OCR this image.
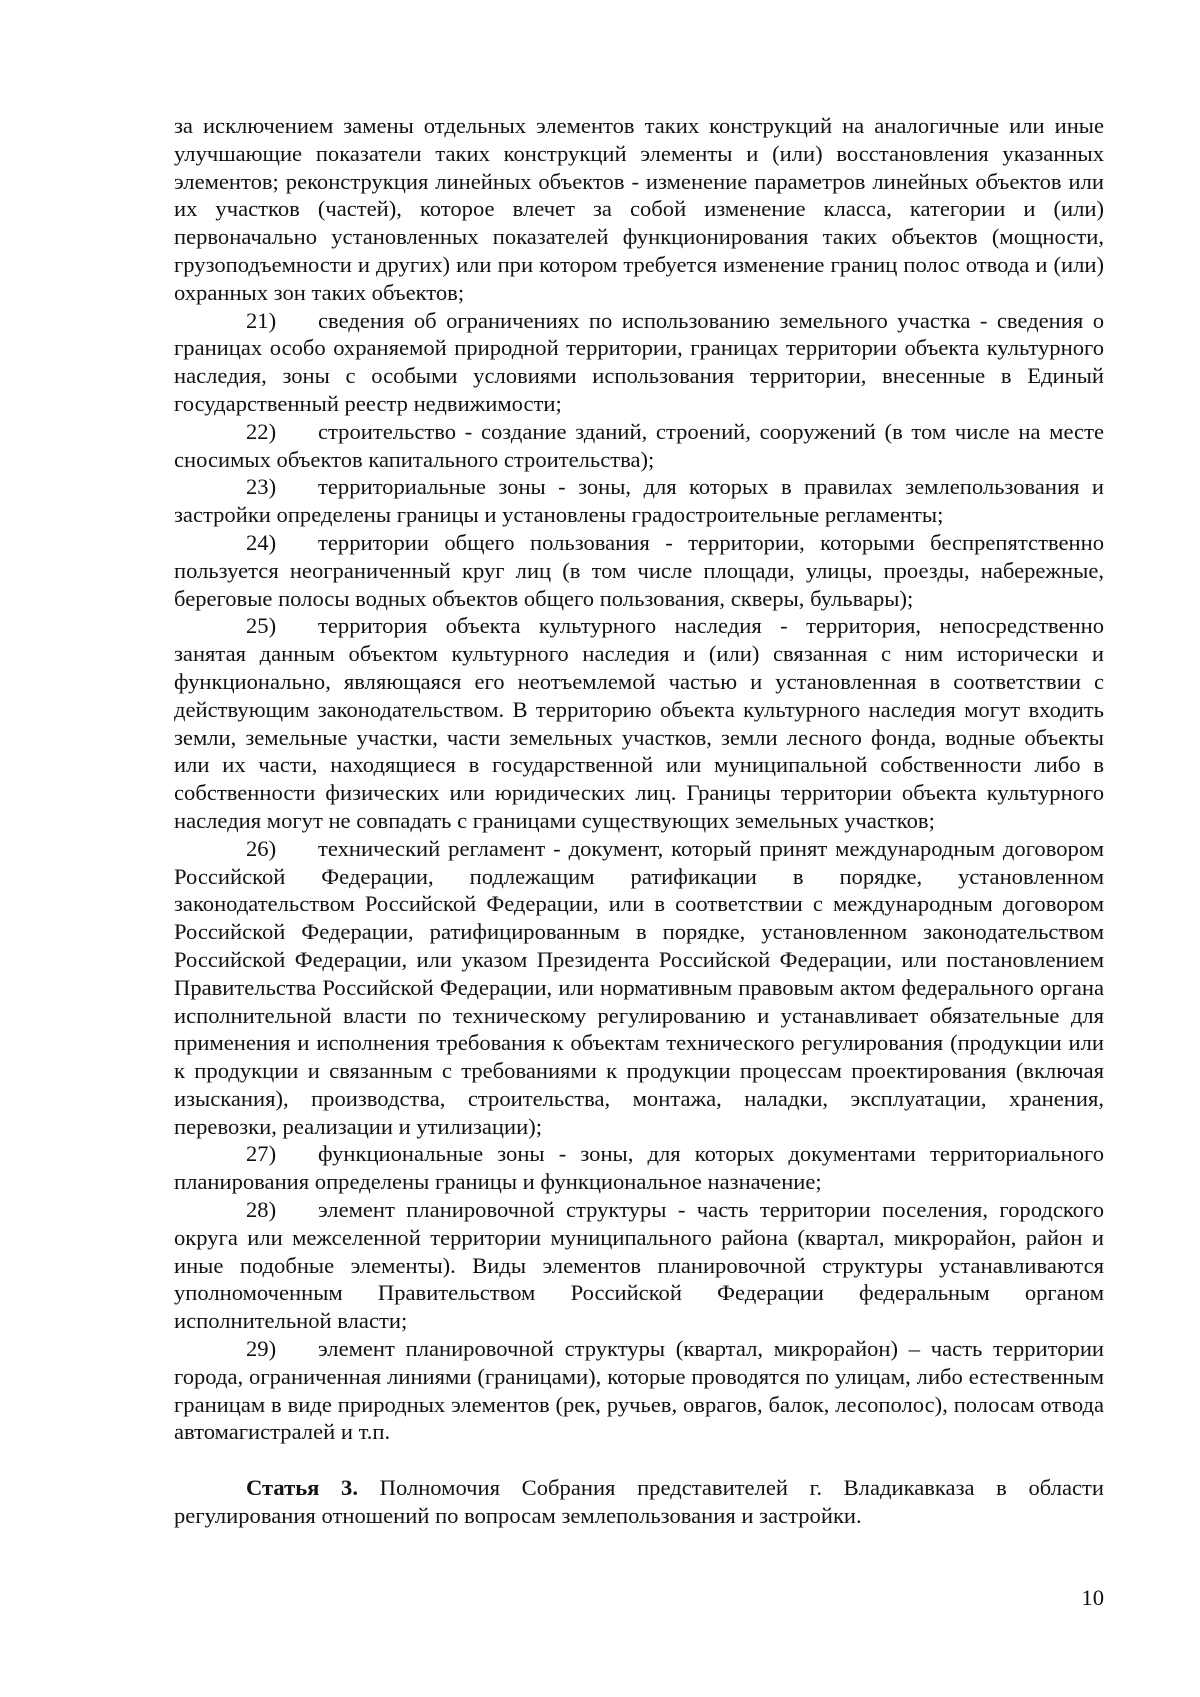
за исключением замены отдельных элементов таких конструкций на аналогичные или иные улучшающие показатели таких конструкций элементы и (или) восстановления указанных элементов; реконструкция линейных объектов - изменение параметров линейных объектов или их участков (частей), которое влечет за собой изменение класса, категории и (или) первоначально установленных показателей функционирования таких объектов (мощности, грузоподъемности и других) или при котором требуется изменение границ полос отвода и (или) охранных зон таких объектов;

21) сведения об ограничениях по использованию земельного участка - сведения о границах особо охраняемой природной территории, границах территории объекта культурного наследия, зоны с особыми условиями использования территории, внесенные в Единый государственный реестр недвижимости;

22) строительство - создание зданий, строений, сооружений (в том числе на месте сносимых объектов капитального строительства);

23) территориальные зоны - зоны, для которых в правилах землепользования и застройки определены границы и установлены градостроительные регламенты;

24) территории общего пользования - территории, которыми беспрепятственно пользуется неограниченный круг лиц (в том числе площади, улицы, проезды, набережные, береговые полосы водных объектов общего пользования, скверы, бульвары);

25) территория объекта культурного наследия - территория, непосредственно занятая данным объектом культурного наследия и (или) связанная с ним исторически и функционально, являющаяся его неотъемлемой частью и установленная в соответствии с действующим законодательством. В территорию объекта культурного наследия могут входить земли, земельные участки, части земельных участков, земли лесного фонда, водные объекты или их части, находящиеся в государственной или муниципальной собственности либо в собственности физических или юридических лиц. Границы территории объекта культурного наследия могут не совпадать с границами существующих земельных участков;

26) технический регламент - документ, который принят международным договором Российской Федерации, подлежащим ратификации в порядке, установленном законодательством Российской Федерации, или в соответствии с международным договором Российской Федерации, ратифицированным в порядке, установленном законодательством Российской Федерации, или указом Президента Российской Федерации, или постановлением Правительства Российской Федерации, или нормативным правовым актом федерального органа исполнительной власти по техническому регулированию и устанавливает обязательные для применения и исполнения требования к объектам технического регулирования (продукции или к продукции и связанным с требованиями к продукции процессам проектирования (включая изыскания), производства, строительства, монтажа, наладки, эксплуатации, хранения, перевозки, реализации и утилизации);

27) функциональные зоны - зоны, для которых документами территориального планирования определены границы и функциональное назначение;

28) элемент планировочной структуры - часть территории поселения, городского округа или межселенной территории муниципального района (квартал, микрорайон, район и иные подобные элементы). Виды элементов планировочной структуры устанавливаются уполномоченным Правительством Российской Федерации федеральным органом исполнительной власти;

29) элемент планировочной структуры (квартал, микрорайон) – часть территории города, ограниченная линиями (границами), которые проводятся по улицам, либо естественным границам в виде природных элементов (рек, ручьев, оврагов, балок, лесополос), полосам отвода автомагистралей и т.п.

Статья 3. Полномочия Собрания представителей г. Владикавказа в области регулирования отношений по вопросам землепользования и застройки.

10
